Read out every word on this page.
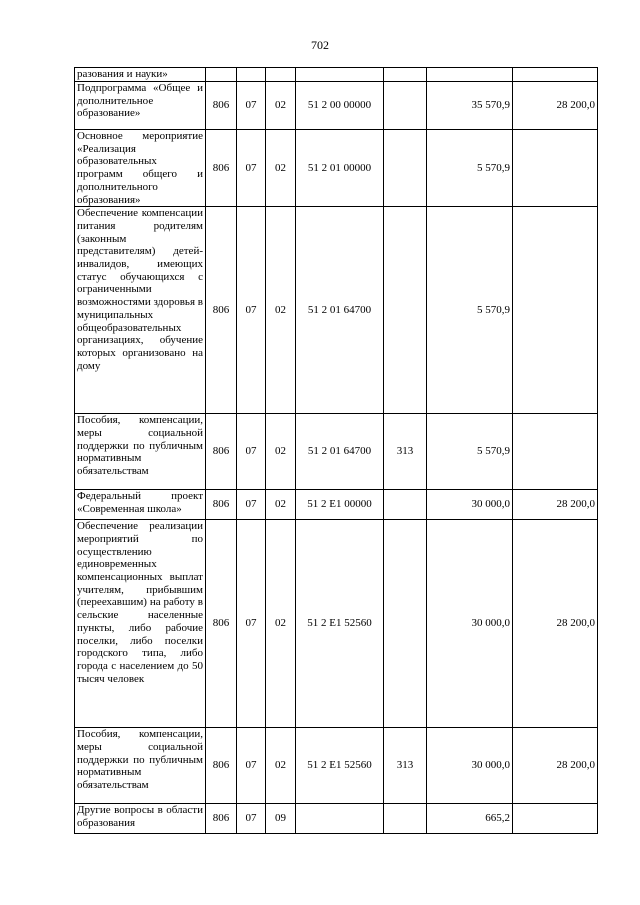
702
разования и науки»							
Подпрограмма «Общее и дополнительное образование»	806	07	02	51 2 00 00000		35 570,9	28 200,0
Основное мероприятие «Реализация образовательных программ общего и дополнительного образования»	806	07	02	51 2 01 00000		5 570,9	
Обеспечение компенсации питания родителям (законным представителям) детей-инвалидов, имеющих статус обучающихся с ограниченными возможностями здоровья в муниципальных общеобразовательных организациях, обучение которых организовано на дому	806	07	02	51 2 01 64700		5 570,9	
Пособия, компенсации, меры социальной поддержки по публичным нормативным обязательствам	806	07	02	51 2 01 64700	313	5 570,9	
Федеральный проект «Современная школа»	806	07	02	51 2 Е1 00000		30 000,0	28 200,0
Обеспечение реализации мероприятий по осуществлению единовременных компенсационных выплат учителям, прибывшим (переехавшим) на работу в сельские населенные пункты, либо рабочие поселки, либо поселки городского типа, либо города с населением до 50 тысяч человек	806	07	02	51 2 Е1 52560		30 000,0	28 200,0
Пособия, компенсации, меры социальной поддержки по публичным нормативным обязательствам	806	07	02	51 2 Е1 52560	313	30 000,0	28 200,0
Другие вопросы в области образования	806	07	09			665,2	
